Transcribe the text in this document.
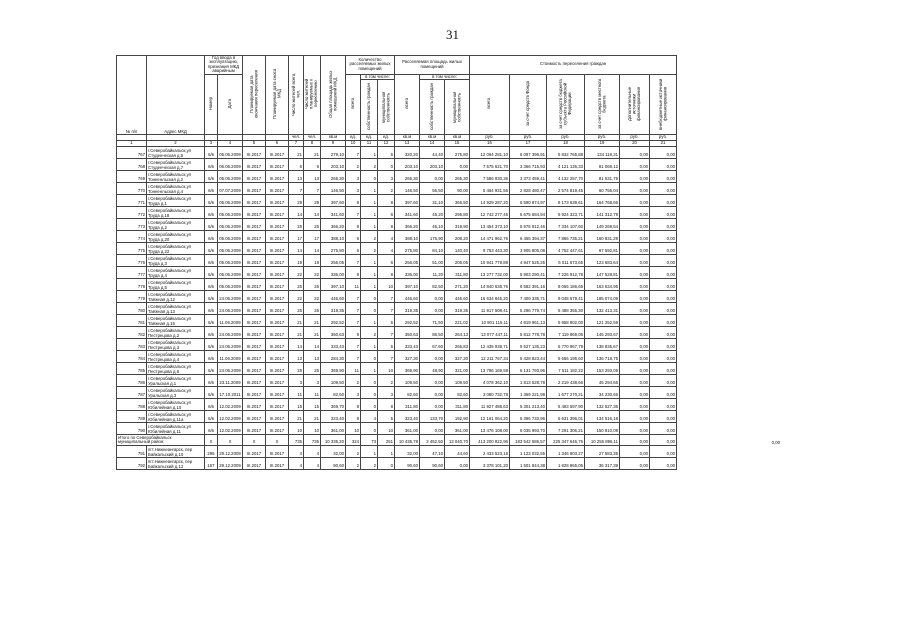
31
№ п/п	Адрес МКД	Год ввода в эксплуатацию, признания МКД аварийным		Планируемая дата окончания переселения	Планируемая дата сноса МКД	Число жителей всего, чел.	Число жителей планируемых к переселению	Общая площадь жилых помещений МКД	Количество расселяемых жилых помещений			Расселяемая площадь жилых помещений			Стоимость переселения граждан						
		Номер	Дата						всего	в том числе:		всего	в том числе:		всего	за счет средств Фонда	за счет средств бюджета субъекта Российской Федерации	за счет средств местного бюджета	Дополнительные источники финансирования	внебюджетные источники финансирования	
										собственность граждан	муниципальная собственность		собственность граждан	муниципальная собственность							
						чел.	чел.	кв.м	ед.	ед.	ед.	кв.м	кв.м	кв.м	руб.	руб.	руб.	руб.	руб.	руб.	
1	2	3	4	5	6	7	8	9	10	11	12	13	14	15	16	17	18	19	20	21	
767	г.Северобайкальск,ул Студенческая д.5	6/в	05.06.2009	III.2017	III.2017	21	21	279,10	7	1	6	320,20	44,40	275,80	12 064 281,10	6 097 396,91	5 832 765,88	134 118,31	0,00	0,00	
768	г.Северобайкальск,ул Студенческая д.7	6/в	06.06.2009	III.2017	III.2017	6	6	203,10	2	2	0	203,10	203,10	0,00	7 575 621,70	3 366 715,93	4 121 136,33	81 069,12	0,00	0,00	
769	г.Северобайкальск,ул Тонненльская д.2	6/в	05.06.2009	III.2017	III.2017	13	13	265,30	3	0	3	265,30	0,00	265,30	7 586 930,36	3 373 459,41	4 132 257,70	81 531,75	0,00	0,00	
770	г.Северобайкальск,ул Тонненльская д.4	6/в	07.07.2009	III.2017	III.2017	7	7	146,50	3	1	2	146,50	56,50	90,00	5 464 931,56	2 828 480,47	2 574 819,45	60 755,04	0,00	0,00	
771	г.Северобайкальск,ул Труда д.1	6/в	05.06.2009	III.2017	III.2017	29	29	397,60	9	1	8	397,60	31,10	366,50	14 929 287,20	6 590 874,97	8 173 639,61	164 768,66	0,00	0,00	
772	г.Северобайкальск,ул Труда д.18	6/в	05.06.2009	III.2017	III.2017	14	14	341,60	7	1	6	341,60	45,20	295,80	12 742 277,46	5 675 684,94	6 924 323,71	141 312,79	0,00	0,00	
773	г.Северобайкальск,ул Труда д.2	6/в	05.06.2009	III.2017	III.2017	25	25	366,20	9	1	8	366,20	46,10	319,90	13 454 373,10	5 976 912,46	7 334 107,60	149 269,54	0,00	0,00	
774	г.Северобайкальск,ул Труда д.20	6/в	05.06.2009	III.2017	III.2017	17	17	388,10	6	2	4	388,10	175,90	208,20	14 471 962,76	6 455 394,37	7 866 735,21	160 831,29	0,00	0,00	
775	г.Северобайкальск,ул Труда д.22	6/в	05.06.2009	III.2017	III.2017	14	14	275,80	6	2	4	275,80	84,10	140,40	8 753 443,30	3 905 805,08	4 752 447,61	97 592,81	0,00	0,00	
776	г.Северобайкальск,ул Труда д.3	6/в	05.06.2009	III.2017	III.2017	19	19	256,05	7	1	6	256,05	51,00	205,05	10 941 778,89	4 947 525,25	6 011 673,65	123 683,64	0,00	0,00	
777	г.Северобайкальск,ул Труда д.4	6/в	05.06.2009	III.2017	III.2017	22	22	336,00	9	1	8	336,00	11,20	311,80	13 277 732,00	5 903 290,41	7 226 912,78	147 528,81	0,00	0,00	
778	г.Северобайкальск,ул Труда д.5	6/в	05.06.2009	III.2017	III.2017	25	25	397,10	11	1	10	397,10	82,50	271,20	14 840 635,76	6 582 391,16	8 065 186,65	163 634,95	0,00	0,00	
779	г.Северобайкальск,ул Таёжная д.12	6/в	24.06.2009	III.2017	III.2017	22	22	446,60	7	0	7	446,60	0,00	446,60	16 634 846,20	7 409 335,71	9 048 679,41	185 074,09	0,00	0,00	
780	г.Северобайкальск,ул Таёжная д.13	6/в	24.06.2009	III.2017	III.2017	25	25	319,35	7	0	7	319,35	0,00	319,35	11 917 508,41	5 296 779,74	6 488 355,30	132 413,31	0,00	0,00	
781	г.Северобайкальск,ул Таёжная д.15	6/в	11.06.2009	III.2017	III.2017	21	21	292,52	7	1	6	292,52	71,50	221,02	10 901 115,11	4 819 961,13	5 958 902,00	121 252,59	0,00	0,00	
782	г.Северобайкальск,ул Пестрецова д.2	6/в	24.06.2009	III.2017	III.2017	21	21	350,63	9	2	7	350,63	86,50	264,13	13 077 447,11	5 812 778,78	7 119 869,05	145 293,67	0,00	0,00	
783	г.Северобайкальск,ул Пестрецова д.3	6/в	24.06.2009	III.2017	III.2017	14	14	333,43	7	1	6	333,43	67,60	265,83	12 435 938,71	5 527 135,23	6 770 967,79	138 835,67	0,00	0,00	
784	г.Северобайкальск,ул Пестрецова д.4	6/в	11.06.2009	III.2017	III.2017	13	13	284,30	7	0	7	327,30	0,00	327,30	12 211 767,34	5 428 823,44	6 656 195,60	136 718,75	0,00	0,00	
785	г.Северобайкальск,ул Пестрецова д.6	6/в	24.06.2009	III.2017	III.2017	25	25	369,90	11	1	10	369,90	48,90	321,00	13 796 169,58	6 131 793,96	7 511 182,22	153 293,05	0,00	0,00	
786	г.Северобайкальск,ул Уральская д.1	6/в	23.11.2009	III.2017	III.2017	3	3	109,50	2	0	2	109,50	0,00	109,50	4 078 362,10	1 813 528,78	2 219 438,66	45 294,66	0,00	0,00	
787	г.Северобайкальск,ул Уральская д.3	6/в	17.10.2011	III.2017	III.2017	11	11	82,60	3	0	3	82,60	0,00	82,60	3 080 732,78	1 369 221,99	1 677 270,21	34 230,66	0,00	0,00	
788	г.Северобайкальск,ул Юбилейная д.10	6/в	12.02.2009	III.2017	III.2017	15	15	369,70	8	0	8	311,80	0,00	311,80	11 927 486,63	5 301 213,40	6 493 597,90	132 527,36	0,00	0,00	
789	г.Северобайкальск,ул Юбилейная д.11а	6/в	12.02.2009	III.2017	III.2017	21	21	323,40	9	4	5	323,40	133,70	192,90	12 161 064,20	5 396 733,96	6 631 396,01	134 516,18	0,00	0,00	
790	г.Северобайкальск,ул Юбилейная д.11	6/в	12.02.2009	III.2017	III.2017	10	10	361,00	10	0	10	361,00	0,00	361,00	13 476 108,00	6 035 993,70	7 291 306,21	150 810,09	0,00	0,00	
Итого по Северобайкальск муниципальный район:		X	X	X	X	735	735	10 335,20	324	73	251	10 435,78	2 452,50	13 040,70	413 200 822,96	183 542 586,57	225 347 646,76	10 255 896,11	0,00	0,00	0,00
791	пгт.Нижнеангарск, пер Байкальский д.10	296	29.12.2009	III.2017	III.2017	4	4	32,00	2	1	1	32,00	47,10	44,60	2 433 523,16	1 123 032,55	1 346 903,27	27 583,35	0,00	0,00	
792	пгт.Нижнеангарск, пер Байкальский д.12	157	29.12.2009	III.2017	III.2017	4	4	90,60	2	2	0	90,60	90,60	0,00	3 378 101,20	1 501 844,38	1 828 965,05	36 317,39	0,00	0,00	
